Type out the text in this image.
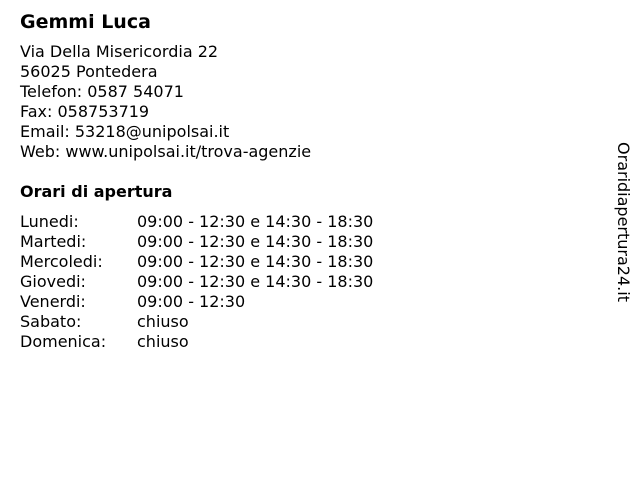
Gemmi Luca
Via Della Misericordia 22
56025 Pontedera
Telefon: 0587 54071
Fax: 058753719
Email: 53218@unipolsai.it
Web: www.unipolsai.it/trova-agenzie
Orari di apertura
Lunedi:	09:00 - 12:30 e 14:30 - 18:30
Martedi:	09:00 - 12:30 e 14:30 - 18:30
Mercoledi:	09:00 - 12:30 e 14:30 - 18:30
Giovedi:	09:00 - 12:30 e 14:30 - 18:30
Venerdi:	09:00 - 12:30
Sabato:	chiuso
Domenica:	chiuso
Oraridiapertura24.it
